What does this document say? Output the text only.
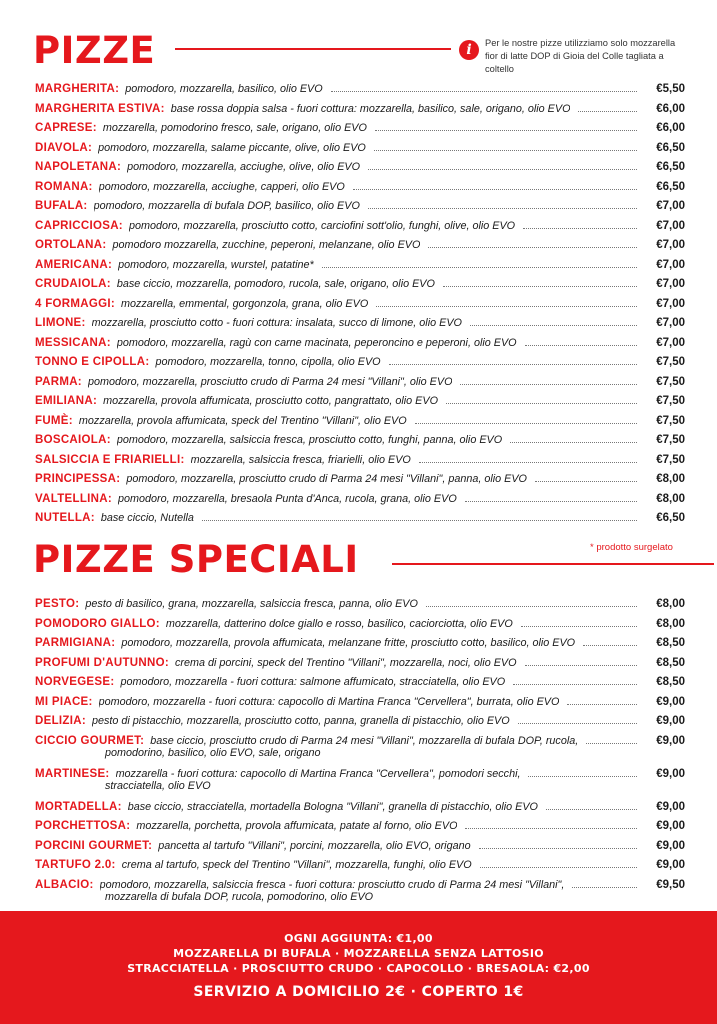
PIZZE	i	Per le nostre pizze utilizziamo solo mozzarella fior di latte DOP di Gioia del Colle tagliata a coltello

MARGHERITA: pomodoro, mozzarella, basilico, olio EVO	€5,50
MARGHERITA ESTIVA: base rossa doppia salsa - fuori cottura: mozzarella, basilico, sale, origano, olio EVO	€6,00
CAPRESE: mozzarella, pomodorino fresco, sale, origano, olio EVO	€6,00
DIAVOLA: pomodoro, mozzarella, salame piccante, olive, olio EVO	€6,50
NAPOLETANA: pomodoro, mozzarella, acciughe, olive, olio EVO	€6,50
ROMANA: pomodoro, mozzarella, acciughe, capperi, olio EVO	€6,50
BUFALA: pomodoro, mozzarella di bufala DOP, basilico, olio EVO	€7,00
CAPRICCIOSA: pomodoro, mozzarella, prosciutto cotto, carciofini sott'olio, funghi, olive, olio EVO	€7,00
ORTOLANA: pomodoro mozzarella, zucchine, peperoni, melanzane, olio EVO	€7,00
AMERICANA: pomodoro, mozzarella, wurstel, patatine*	€7,00
CRUDAIOLA: base ciccio, mozzarella, pomodoro, rucola, sale, origano, olio EVO	€7,00
4 FORMAGGI: mozzarella, emmental, gorgonzola, grana, olio EVO	€7,00
LIMONE: mozzarella, prosciutto cotto - fuori cottura: insalata, succo di limone, olio EVO	€7,00
MESSICANA: pomodoro, mozzarella, ragù con carne macinata, peperoncino e peperoni, olio EVO	€7,00
TONNO E CIPOLLA: pomodoro, mozzarella, tonno, cipolla, olio EVO	€7,50
PARMA: pomodoro, mozzarella, prosciutto crudo di Parma 24 mesi "Villani", olio EVO	€7,50
EMILIANA: mozzarella, provola affumicata, prosciutto cotto, pangrattato, olio EVO	€7,50
FUMÈ: mozzarella, provola affumicata, speck del Trentino "Villani", olio EVO	€7,50
BOSCAIOLA: pomodoro, mozzarella, salsiccia fresca, prosciutto cotto, funghi, panna, olio EVO	€7,50
SALSICCIA E FRIARIELLI: mozzarella, salsiccia fresca, friarielli, olio EVO	€7,50
PRINCIPESSA: pomodoro, mozzarella, prosciutto crudo di Parma 24 mesi "Villani", panna, olio EVO	€8,00
VALTELLINA: pomodoro, mozzarella, bresaola Punta d'Anca, rucola, grana, olio EVO	€8,00
NUTELLA: base ciccio, Nutella	€6,50
PIZZE SPECIALI	* prodotto surgelato
PESTO: pesto di basilico, grana, mozzarella, salsiccia fresca, panna, olio EVO	€8,00
POMODORO GIALLO: mozzarella, datterino dolce giallo e rosso, basilico, caciorciotta, olio EVO	€8,00
PARMIGIANA: pomodoro, mozzarella, provola affumicata, melanzane fritte, prosciutto cotto, basilico, olio EVO	€8,50
PROFUMI D'AUTUNNO: crema di porcini, speck del Trentino "Villani", mozzarella, noci, olio EVO	€8,50
NORVEGESE: pomodoro, mozzarella - fuori cottura: salmone affumicato, stracciatella, olio EVO	€8,50
MI PIACE: pomodoro, mozzarella - fuori cottura: capocollo di Martina Franca "Cervellera", burrata, olio EVO	€9,00
DELIZIA: pesto di pistacchio, mozzarella, prosciutto cotto, panna, granella di pistacchio, olio EVO	€9,00
CICCIO GOURMET: base ciccio, prosciutto crudo di Parma 24 mesi "Villani", mozzarella di bufala DOP, rucola,	€9,00
pomodorino, basilico, olio EVO, sale, origano
MARTINESE: mozzarella - fuori cottura: capocollo di Martina Franca "Cervellera", pomodori secchi,	€9,00
stracciatella, olio EVO
MORTADELLA: base ciccio, stracciatella, mortadella Bologna "Villani", granella di pistacchio, olio EVO	€9,00
PORCHETTOSA: mozzarella, porchetta, provola affumicata, patate al forno, olio EVO	€9,00
PORCINI GOURMET: pancetta al tartufo "Villani", porcini, mozzarella, olio EVO, origano	€9,00
TARTUFO 2.0: crema al tartufo, speck del Trentino "Villani", mozzarella, funghi, olio EVO	€9,00
ALBACIO: pomodoro, mozzarella, salsiccia fresca - fuori cottura: prosciutto crudo di Parma 24 mesi "Villani",	€9,50
mozzarella di bufala DOP, rucola, pomodorino, olio EVO
OGNI AGGIUNTA: €1,00
MOZZARELLA DI BUFALA · MOZZARELLA SENZA LATTOSIO
STRACCIATELLA · PROSCIUTTO CRUDO · CAPOCOLLO · BRESAOLA: €2,00
SERVIZIO A DOMICILIO 2€ · COPERTO 1€
